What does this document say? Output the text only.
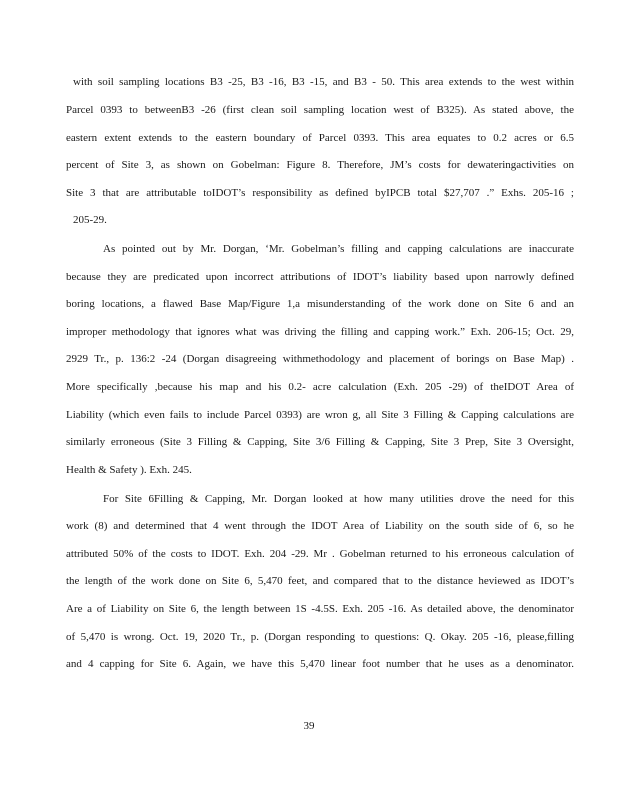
with soil sampling locations B3 -25, B3 -16, B3 -15, and B3 - 50. This area extends to the west within
Parcel 0393 to betweenB3 -26 (first clean soil sampling location west of B325). As stated above, the
eastern extent extends to the eastern boundary of Parcel 0393. This area equates to 0.2 acres or 6.5
percent of Site 3, as shown on Gobelman: Figure 8. Therefore, JM’s costs for dewateringactivities on
Site 3 that are attributable toIDOT’s responsibility as defined byIPCB total $27,707 .” Exhs. 205-16 ;
205-29.
As pointed out by Mr. Dorgan, ‘Mr. Gobelman’s filling and capping calculations are inaccurate
because they are predicated upon incorrect attributions of IDOT’s liability based upon narrowly defined
boring locations, a flawed Base Map/Figure 1,a misunderstanding of the work done on Site 6 and an
improper methodology that ignores what was driving the filling and capping work.” Exh. 206-15; Oct. 29,
2929 Tr., p. 136:2 -24 (Dorgan disagreeing withmethodology and placement of borings on Base Map) .
More specifically ,because his map and his 0.2- acre calculation (Exh. 205 -29) of theIDOT Area of
Liability (which even fails to include Parcel 0393) are wron g, all Site 3 Filling & Capping calculations are
similarly erroneous (Site 3 Filling & Capping, Site 3/6 Filling & Capping, Site 3 Prep, Site 3 Oversight,
Health & Safety ). Exh. 245.
For Site 6Filling & Capping, Mr. Dorgan looked at how many utilities drove the need for this
work (8) and determined that 4 went through the IDOT Area of Liability on the south side of 6, so he
attributed 50% of the costs to IDOT. Exh. 204 -29. Mr . Gobelman returned to his erroneous calculation of
the length of the work done on Site 6, 5,470 feet, and compared that to the distance heviewed as IDOT’s
Are a of Liability on Site 6, the length between 1S -4.5S. Exh. 205 -16. As detailed above, the denominator
of 5,470 is wrong. Oct. 19, 2020 Tr., p. (Dorgan responding to questions: Q. Okay. 205 -16, please,filling
and 4 capping for Site 6. Again, we have this 5,470 linear foot number that he uses as a denominator.
39
